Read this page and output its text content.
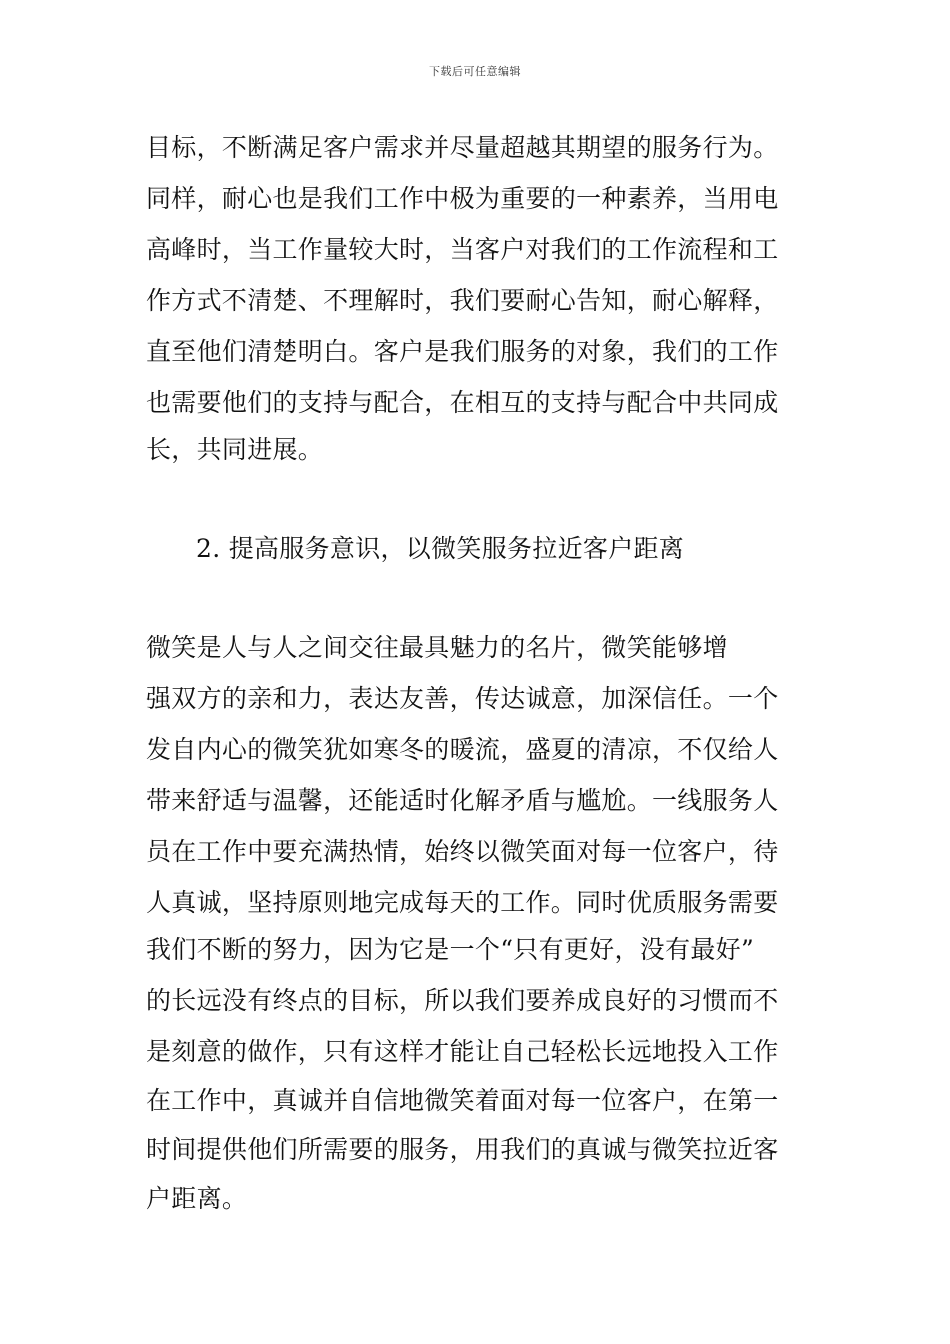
下载后可任意编辑
目标，不断满足客户需求并尽量超越其期望的服务行为。
同样，耐心也是我们工作中极为重要的一种素养，当用电
高峰时，当工作量较大时，当客户对我们的工作流程和工
作方式不清楚、不理解时，我们要耐心告知，耐心解释，
直至他们清楚明白。客户是我们服务的对象，我们的工作
也需要他们的支持与配合，在相互的支持与配合中共同成
长，共同进展。
2. 提高服务意识，以微笑服务拉近客户距离
微笑是人与人之间交往最具魅力的名片，微笑能够增
强双方的亲和力，表达友善，传达诚意，加深信任。一个
发自内心的微笑犹如寒冬的暖流，盛夏的清凉，不仅给人
带来舒适与温馨，还能适时化解矛盾与尴尬。一线服务人
员在工作中要充满热情，始终以微笑面对每一位客户，待
人真诚，坚持原则地完成每天的工作。同时优质服务需要
我们不断的努力，因为它是一个“只有更好，没有最好”
的长远没有终点的目标，所以我们要养成良好的习惯而不
是刻意的做作，只有这样才能让自己轻松长远地投入工作
在工作中，真诚并自信地微笑着面对每一位客户，在第一
时间提供他们所需要的服务，用我们的真诚与微笑拉近客
户距离。
